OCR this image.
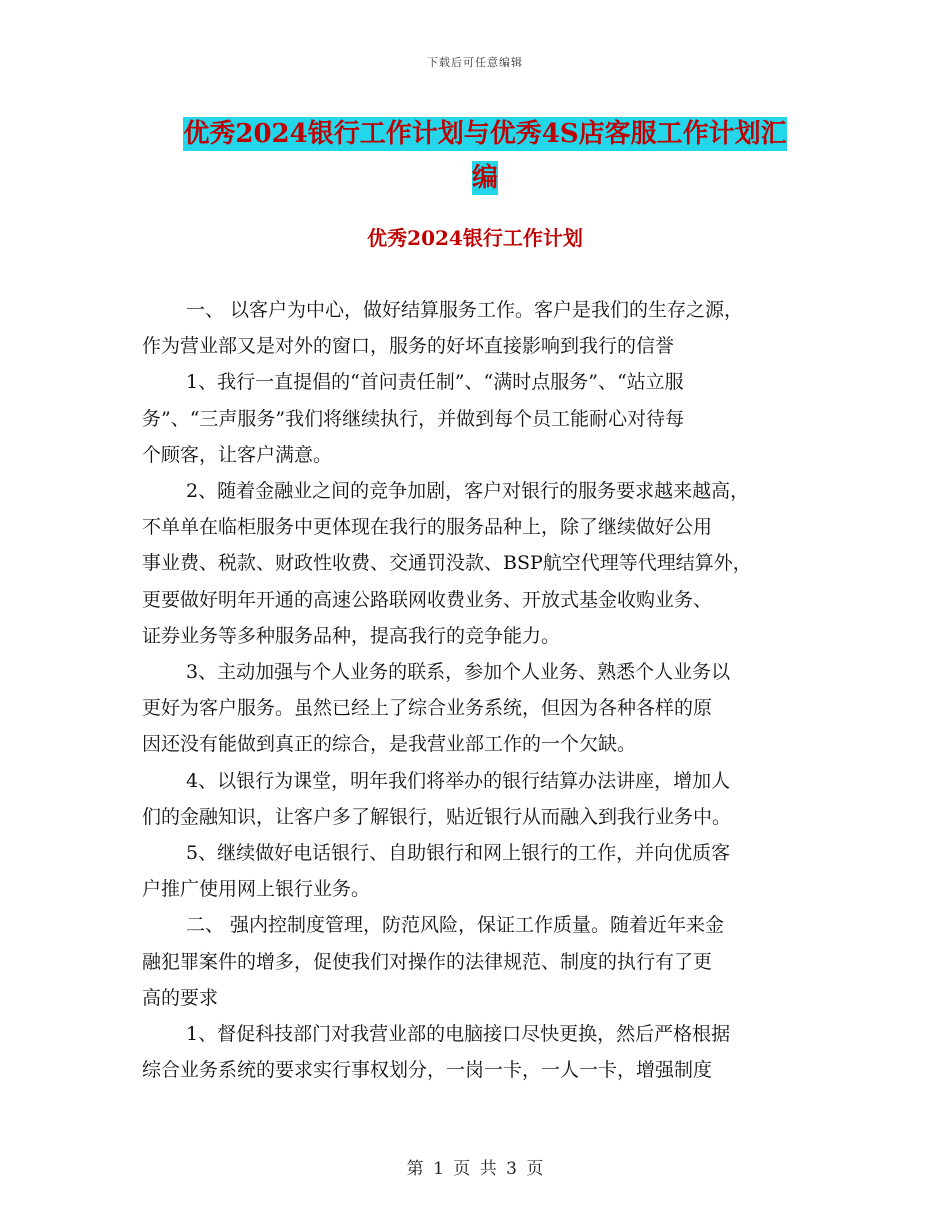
下载后可任意编辑
优秀2024银行工作计划与优秀4S店客服工作计划汇
编
优秀2024银行工作计划
一、 以客户为中心，做好结算服务工作。客户是我们的生存之源，
作为营业部又是对外的窗口，服务的好坏直接影响到我行的信誉
1、我行一直提倡的“首问责任制”、“满时点服务”、“站立服
务”、“三声服务”我们将继续执行，并做到每个员工能耐心对待每
个顾客，让客户满意。
2、随着金融业之间的竞争加剧，客户对银行的服务要求越来越高，
不单单在临柜服务中更体现在我行的服务品种上，除了继续做好公用
事业费、税款、财政性收费、交通罚没款、BSP航空代理等代理结算外，
更要做好明年开通的高速公路联网收费业务、开放式基金收购业务、
证券业务等多种服务品种，提高我行的竞争能力。
3、主动加强与个人业务的联系，参加个人业务、熟悉个人业务以
更好为客户服务。虽然已经上了综合业务系统，但因为各种各样的原
因还没有能做到真正的综合，是我营业部工作的一个欠缺。
4、以银行为课堂，明年我们将举办的银行结算办法讲座，增加人
们的金融知识，让客户多了解银行，贴近银行从而融入到我行业务中。
5、继续做好电话银行、自助银行和网上银行的工作，并向优质客
户推广使用网上银行业务。
二、 强内控制度管理，防范风险，保证工作质量。随着近年来金
融犯罪案件的增多，促使我们对操作的法律规范、制度的执行有了更
高的要求
1、督促科技部门对我营业部的电脑接口尽快更换，然后严格根据
综合业务系统的要求实行事权划分，一岗一卡，一人一卡，增强制度
第 1 页 共 3 页
